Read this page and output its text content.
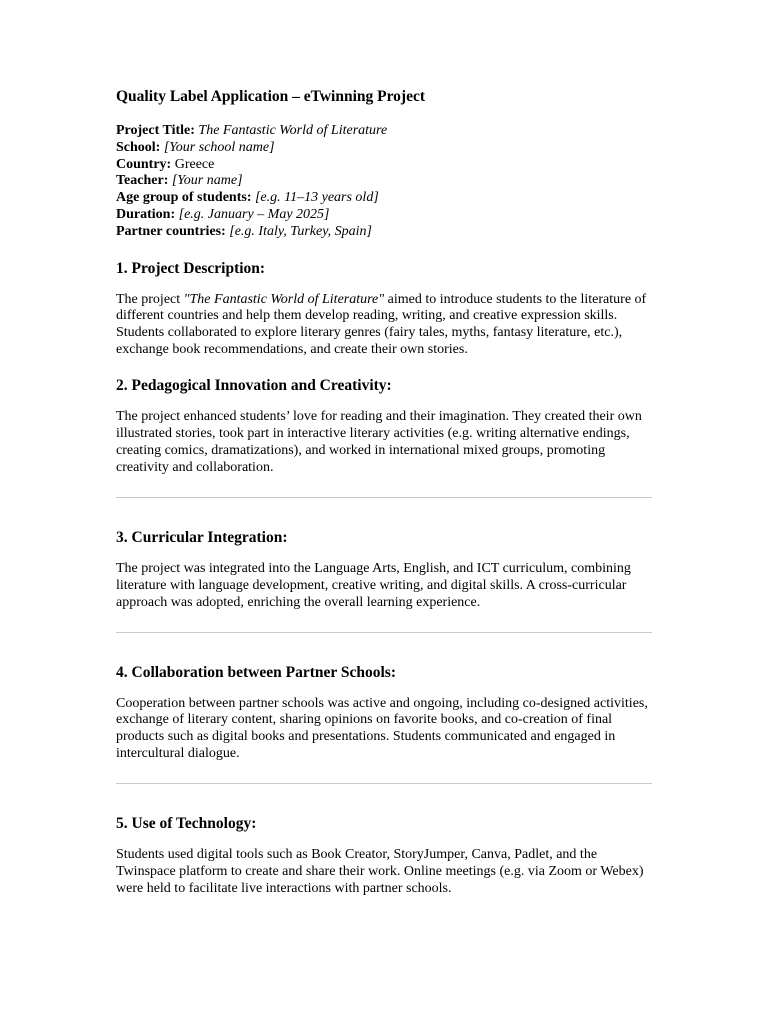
Quality Label Application – eTwinning Project
Project Title: The Fantastic World of Literature
School: [Your school name]
Country: Greece
Teacher: [Your name]
Age group of students: [e.g. 11–13 years old]
Duration: [e.g. January – May 2025]
Partner countries: [e.g. Italy, Turkey, Spain]
1. Project Description:

The project "The Fantastic World of Literature" aimed to introduce students to the literature of different countries and help them develop reading, writing, and creative expression skills. Students collaborated to explore literary genres (fairy tales, myths, fantasy literature, etc.), exchange book recommendations, and create their own stories.

2. Pedagogical Innovation and Creativity:

The project enhanced students’ love for reading and their imagination. They created their own illustrated stories, took part in interactive literary activities (e.g. writing alternative endings, creating comics, dramatizations), and worked in international mixed groups, promoting creativity and collaboration.

3. Curricular Integration:

The project was integrated into the Language Arts, English, and ICT curriculum, combining literature with language development, creative writing, and digital skills. A cross-curricular approach was adopted, enriching the overall learning experience.

4. Collaboration between Partner Schools:

Cooperation between partner schools was active and ongoing, including co-designed activities, exchange of literary content, sharing opinions on favorite books, and co-creation of final products such as digital books and presentations. Students communicated and engaged in intercultural dialogue.

5. Use of Technology:

Students used digital tools such as Book Creator, StoryJumper, Canva, Padlet, and the Twinspace platform to create and share their work. Online meetings (e.g. via Zoom or Webex) were held to facilitate live interactions with partner schools.
